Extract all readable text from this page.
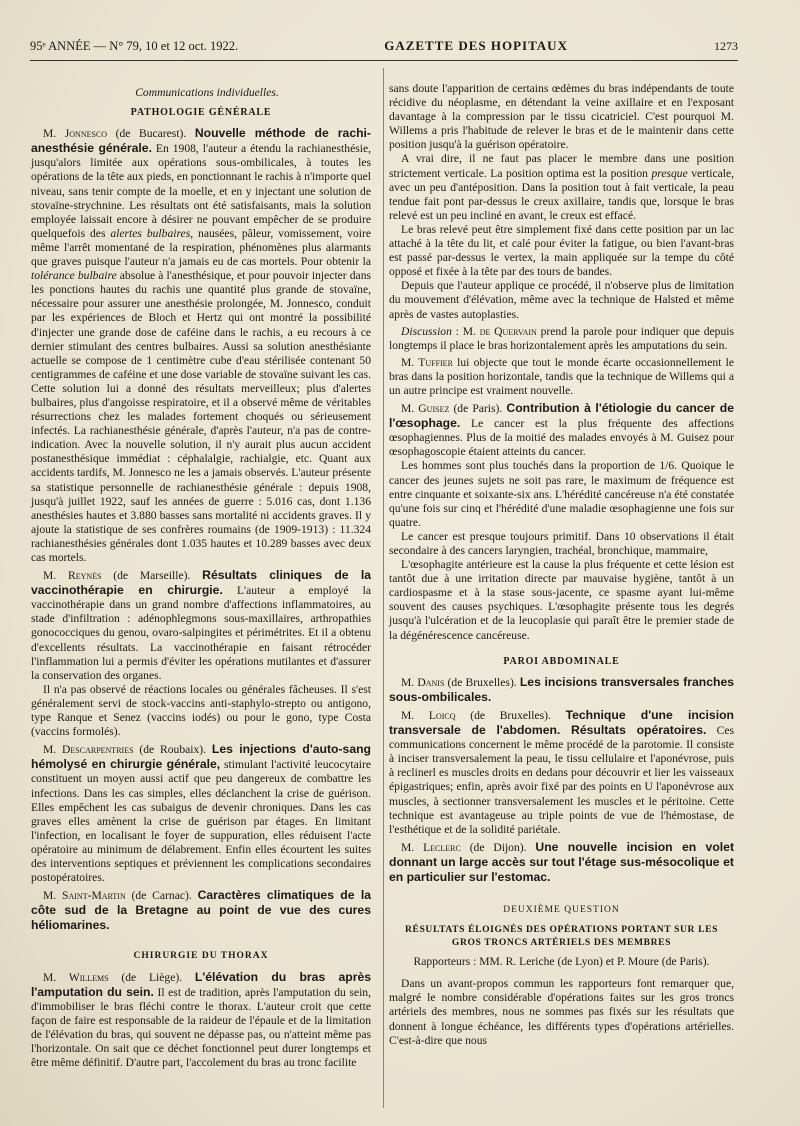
95ᵉ ANNÉE — N° 79, 10 et 12 oct. 1922.	GAZETTE DES HOPITAUX	1273

Communications individuelles.

PATHOLOGIE GÉNÉRALE

M. Jonnesco (de Bucarest). Nouvelle méthode de rachi-anesthésie générale. En 1908, l'auteur a étendu la rachianesthésie, jusqu'alors limitée aux opérations sous-ombilicales, à toutes les opérations de la tête aux pieds, en ponctionnant le rachis à n'importe quel niveau, sans tenir compte de la moelle, et en y injectant une solution de stovaïne-strychnine. Les résultats ont été satisfaisants, mais la solution employée laissait encore à désirer ne pouvant empêcher de se produire quelquefois des alertes bulbaires, nausées, pâleur, vomissement, voire même l'arrêt momentané de la respiration, phénomènes plus alarmants que graves puisque l'auteur n'a jamais eu de cas mortels. Pour obtenir la tolérance bulbaire absolue à l'anesthésique, et pour pouvoir injecter dans les ponctions hautes du rachis une quantité plus grande de stovaïne, nécessaire pour assurer une anesthésie prolongée, M. Jonnesco, conduit par les expériences de Bloch et Hertz qui ont montré la possibilité d'injecter une grande dose de caféine dans le rachis, a eu recours à ce dernier stimulant des centres bulbaires. Aussi sa solution anesthésiante actuelle se compose de 1 centimètre cube d'eau stérilisée contenant 50 centigrammes de caféine et une dose variable de stovaïne suivant les cas. Cette solution lui a donné des résultats merveilleux; plus d'alertes bulbaires, plus d'angoisse respiratoire, et il a observé même de véritables résurrections chez les malades fortement choqués ou sérieusement infectés. La rachianesthésie générale, d'après l'auteur, n'a pas de contre-indication. Avec la nouvelle solution, il n'y aurait plus aucun accident postanesthésique immédiat : céphalalgie, rachialgie, etc. Quant aux accidents tardifs, M. Jonnesco ne les a jamais observés. L'auteur présente sa statistique personnelle de rachianesthésie générale : depuis 1908, jusqu'à juillet 1922, sauf les années de guerre : 5.016 cas, dont 1.136 anesthésies hautes et 3.880 basses sans mortalité ni accidents graves. Il y ajoute la statistique de ses confrères roumains (de 1909-1913) : 11.324 rachianesthésies générales dont 1.035 hautes et 10.289 basses avec deux cas mortels.

M. Reynès (de Marseille). Résultats cliniques de la vaccinothérapie en chirurgie. L'auteur a employé la vaccinothérapie dans un grand nombre d'affections inflammatoires, au stade d'infiltration : adénophlegmons sous-maxillaires, arthropathies gonococciques du genou, ovaro-salpingites et périmétrites. Et il a obtenu d'excellents résultats. La vaccinothérapie en faisant rétrocéder l'inflammation lui a permis d'éviter les opérations mutilantes et d'assurer la conservation des organes.

Il n'a pas observé de réactions locales ou générales fâcheuses. Il s'est généralement servi de stock-vaccins anti-staphylo-strepto ou antigono, type Ranque et Senez (vaccins iodés) ou pour le gono, type Costa (vaccins formolés).

M. Descarpentries (de Roubaix). Les injections d'auto-sang hémolysé en chirurgie générale, stimulant l'activité leucocytaire constituent un moyen aussi actif que peu dangereux de combattre les infections. Dans les cas simples, elles déclanchent la crise de guérison. Elles empêchent les cas subaigus de devenir chroniques. Dans les cas graves elles amènent la crise de guérison par étages. En limitant l'infection, en localisant le foyer de suppuration, elles réduisent l'acte opératoire au minimum de délabrement. Enfin elles écourtent les suites des interventions septiques et préviennent les complications secondaires postopératoires.

M. Saint-Martin (de Carnac). Caractères climatiques de la côte sud de la Bretagne au point de vue des cures héliomarines.

CHIRURGIE DU THORAX

M. Willems (de Liège). L'élévation du bras après l'amputation du sein. Il est de tradition, après l'amputation du sein, d'immobiliser le bras fléchi contre le thorax. L'auteur croit que cette façon de faire est responsable de la raideur de l'épaule et de la limitation de l'élévation du bras, qui souvent ne dépasse pas, ou n'atteint même pas l'horizontale. On sait que ce déchet fonctionnel peut durer longtemps et être même définitif. D'autre part, l'accolement du bras au tronc facilite

sans doute l'apparition de certains œdèmes du bras indépendants de toute récidive du néoplasme, en détendant la veine axillaire et en l'exposant davantage à la compression par le tissu cicatriciel. C'est pourquoi M. Willems a pris l'habitude de relever le bras et de le maintenir dans cette position jusqu'à la guérison opératoire.

A vrai dire, il ne faut pas placer le membre dans une position strictement verticale. La position optima est la position presque verticale, avec un peu d'antéposition. Dans la position tout à fait verticale, la peau tendue fait pont par-dessus le creux axillaire, tandis que, lorsque le bras relevé est un peu incliné en avant, le creux est effacé.

Le bras relevé peut être simplement fixé dans cette position par un lac attaché à la tête du lit, et calé pour éviter la fatigue, ou bien l'avant-bras est passé par-dessus le vertex, la main appliquée sur la tempe du côté opposé et fixée à la tête par des tours de bandes.

Depuis que l'auteur applique ce procédé, il n'observe plus de limitation du mouvement d'élévation, même avec la technique de Halsted et même après de vastes autoplasties.

Discussion : M. de Quervain prend la parole pour indiquer que depuis longtemps il place le bras horizontalement après les amputations du sein.

M. Tuffier lui objecte que tout le monde écarte occasionnellement le bras dans la position horizontale, tandis que la technique de Willems qui a un autre principe est vraiment nouvelle.

M. Guisez (de Paris). Contribution à l'étiologie du cancer de l'œsophage. Le cancer est la plus fréquente des affections œsophagiennes. Plus de la moitié des malades envoyés à M. Guisez pour œsophagoscopie étaient atteints du cancer.

Les hommes sont plus touchés dans la proportion de 1/6. Quoique le cancer des jeunes sujets ne soit pas rare, le maximum de fréquence est entre cinquante et soixante-six ans. L'hérédité cancéreuse n'a été constatée qu'une fois sur cinq et l'hérédité d'une maladie œsophagienne une fois sur quatre.

Le cancer est presque toujours primitif. Dans 10 observations il était secondaire à des cancers laryngien, trachéal, bronchique, mammaire,

L'œsophagite antérieure est la cause la plus fréquente et cette lésion est tantôt due à une irritation directe par mauvaise hygiène, tantôt à un cardiospasme et à la stase sous-jacente, ce spasme ayant lui-même souvent des causes psychiques. L'œsophagite présente tous les degrés jusqu'à l'ulcération et de la leucoplasie qui paraît être le premier stade de la dégénérescence cancéreuse.

PAROI ABDOMINALE

M. Danis (de Bruxelles). Les incisions transversales franches sous-ombilicales.

M. Loicq (de Bruxelles). Technique d'une incision transversale de l'abdomen. Résultats opératoires. Ces communications concernent le même procédé de la parotomie. Il consiste à inciser transversalement la peau, le tissu cellulaire et l'aponévrose, puis à reclinerl es muscles droits en dedans pour découvrir et lier les vaisseaux épigastriques; enfin, après avoir fixé par des points en U l'aponévrose aux muscles, à sectionner transversalement les muscles et le péritoine. Cette technique est avantageuse au triple points de vue de l'hémostase, de l'esthétique et de la solidité pariétale.

M. Leclerc (de Dijon). Une nouvelle incision en volet donnant un large accès sur tout l'étage sus-mésocolique et en particulier sur l'estomac.

DEUXIÈME QUESTION
RÉSULTATS ÉLOIGNÉS DES OPÉRATIONS PORTANT SUR LES GROS TRONCS ARTÉRIELS DES MEMBRES

Rapporteurs : MM. R. Leriche (de Lyon) et P. Moure (de Paris).

Dans un avant-propos commun les rapporteurs font remarquer que, malgré le nombre considérable d'opérations faites sur les gros troncs artériels des membres, nous ne sommes pas fixés sur les résultats que donnent à longue échéance, les différents types d'opérations artérielles. C'est-à-dire que nous
